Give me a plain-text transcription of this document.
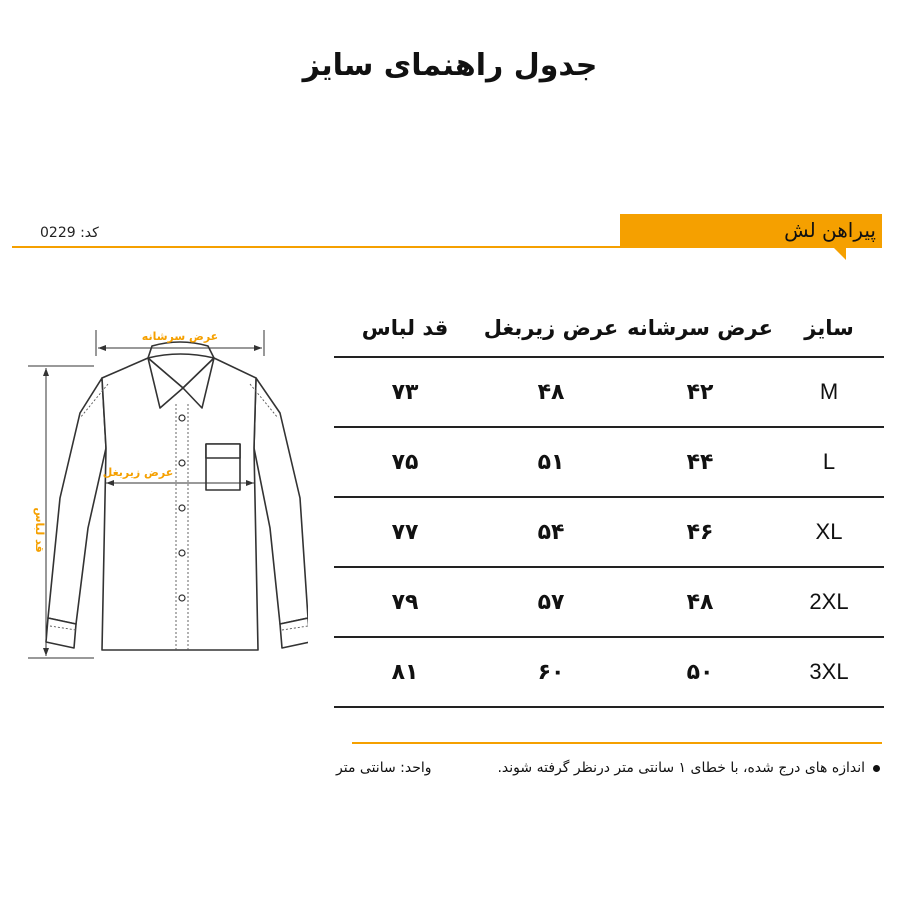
جدول راهنمای سایز
کد: 0229	پیراهن لش
عرض سرشانه
عرض زیربغل
قد لباس
سایز	عرض سرشانه	عرض زیربغل	قد لباس
M	۴۲	۴۸	۷۳
L	۴۴	۵۱	۷۵
XL	۴۶	۵۴	۷۷
2XL	۴۸	۵۷	۷۹
3XL	۵۰	۶۰	۸۱
اندازه های درج شده، با خطای ۱ سانتی متر درنظر گرفته شوند.
واحد: سانتی متر
